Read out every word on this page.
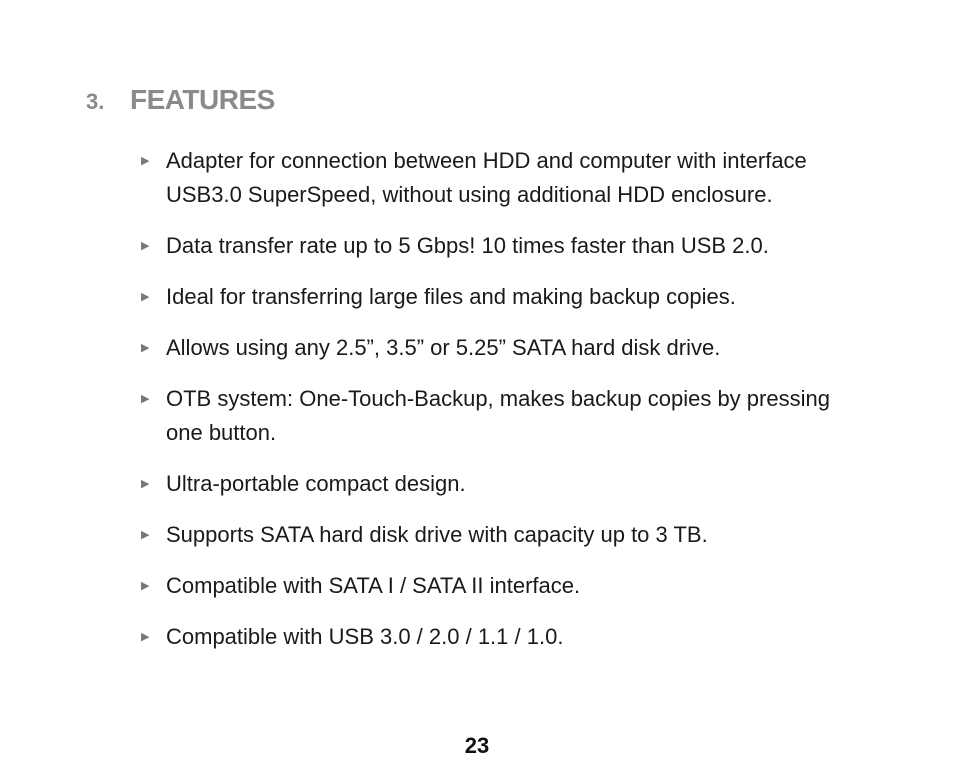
3. FEATURES
▶ Adapter for connection between HDD and computer with interface USB3.0 SuperSpeed, without using additional HDD enclosure.
▶ Data transfer rate up to 5 Gbps! 10 times faster than USB 2.0.
▶ Ideal for transferring large files and making backup copies.
▶ Allows using any 2.5”, 3.5” or 5.25” SATA hard disk drive.
▶ OTB system: One-Touch-Backup, makes backup copies by pressing one button.
▶ Ultra-portable compact design.
▶ Supports SATA hard disk drive with capacity up to 3 TB.
▶ Compatible with SATA I / SATA II interface.
▶ Compatible with USB 3.0 / 2.0 / 1.1 / 1.0.
23
